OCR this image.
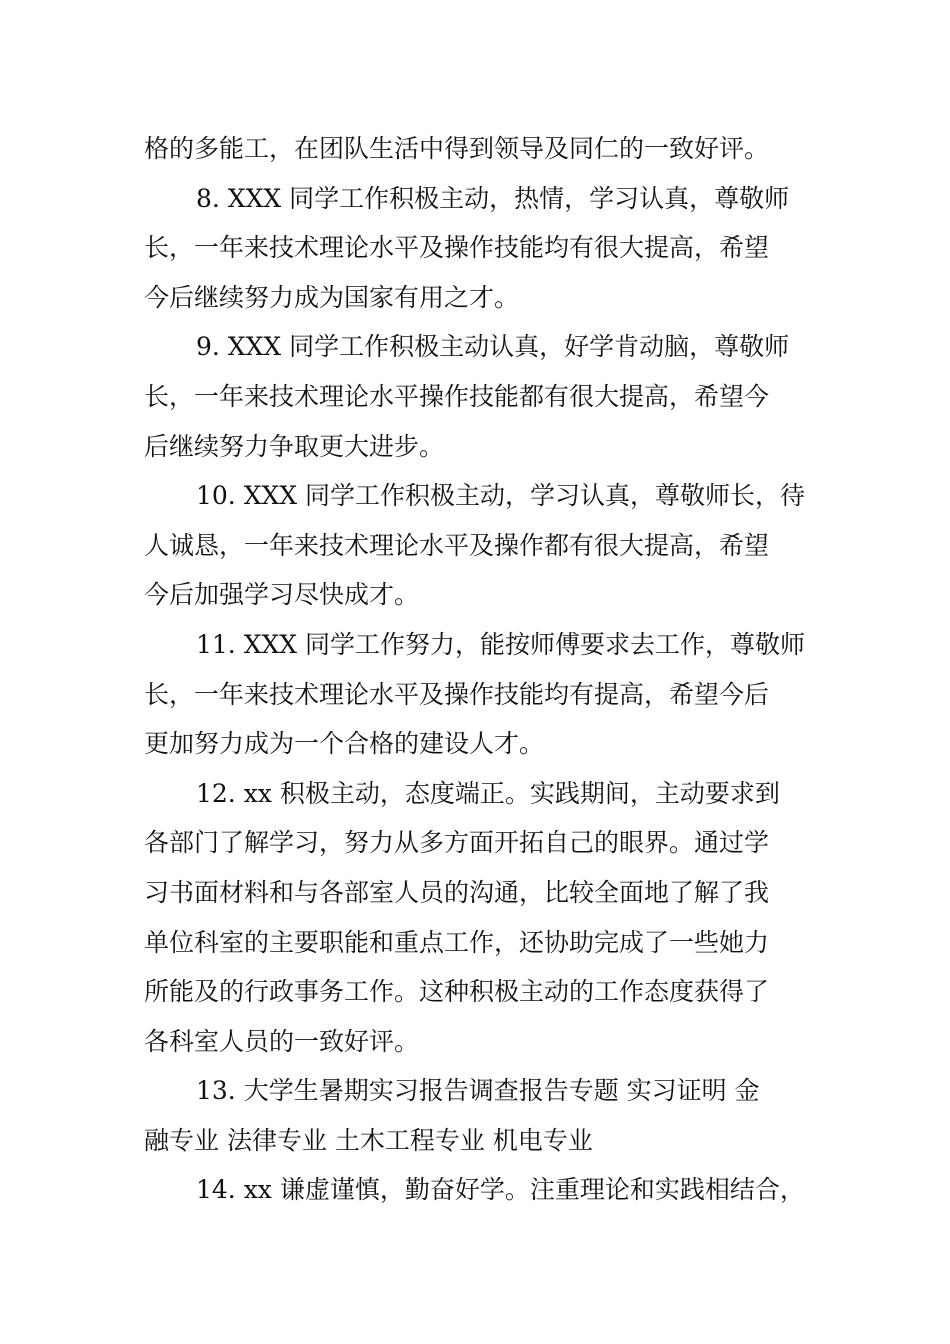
格的多能工，在团队生活中得到领导及同仁的一致好评。
8. XXX 同学工作积极主动，热情，学习认真，尊敬师
长，一年来技术理论水平及操作技能均有很大提高，希望
今后继续努力成为国家有用之才。
9. XXX 同学工作积极主动认真，好学肯动脑，尊敬师
长，一年来技术理论水平操作技能都有很大提高，希望今
后继续努力争取更大进步。
10. XXX 同学工作积极主动，学习认真，尊敬师长，待
人诚恳，一年来技术理论水平及操作都有很大提高，希望
今后加强学习尽快成才。
11. XXX 同学工作努力，能按师傅要求去工作，尊敬师
长，一年来技术理论水平及操作技能均有提高，希望今后
更加努力成为一个合格的建设人才。
12. xx 积极主动，态度端正。实践期间，主动要求到
各部门了解学习，努力从多方面开拓自己的眼界。通过学
习书面材料和与各部室人员的沟通，比较全面地了解了我
单位科室的主要职能和重点工作，还协助完成了一些她力
所能及的行政事务工作。这种积极主动的工作态度获得了
各科室人员的一致好评。
13. 大学生暑期实习报告调查报告专题 实习证明 金
融专业 法律专业 土木工程专业 机电专业
14. xx 谦虚谨慎，勤奋好学。注重理论和实践相结合，
